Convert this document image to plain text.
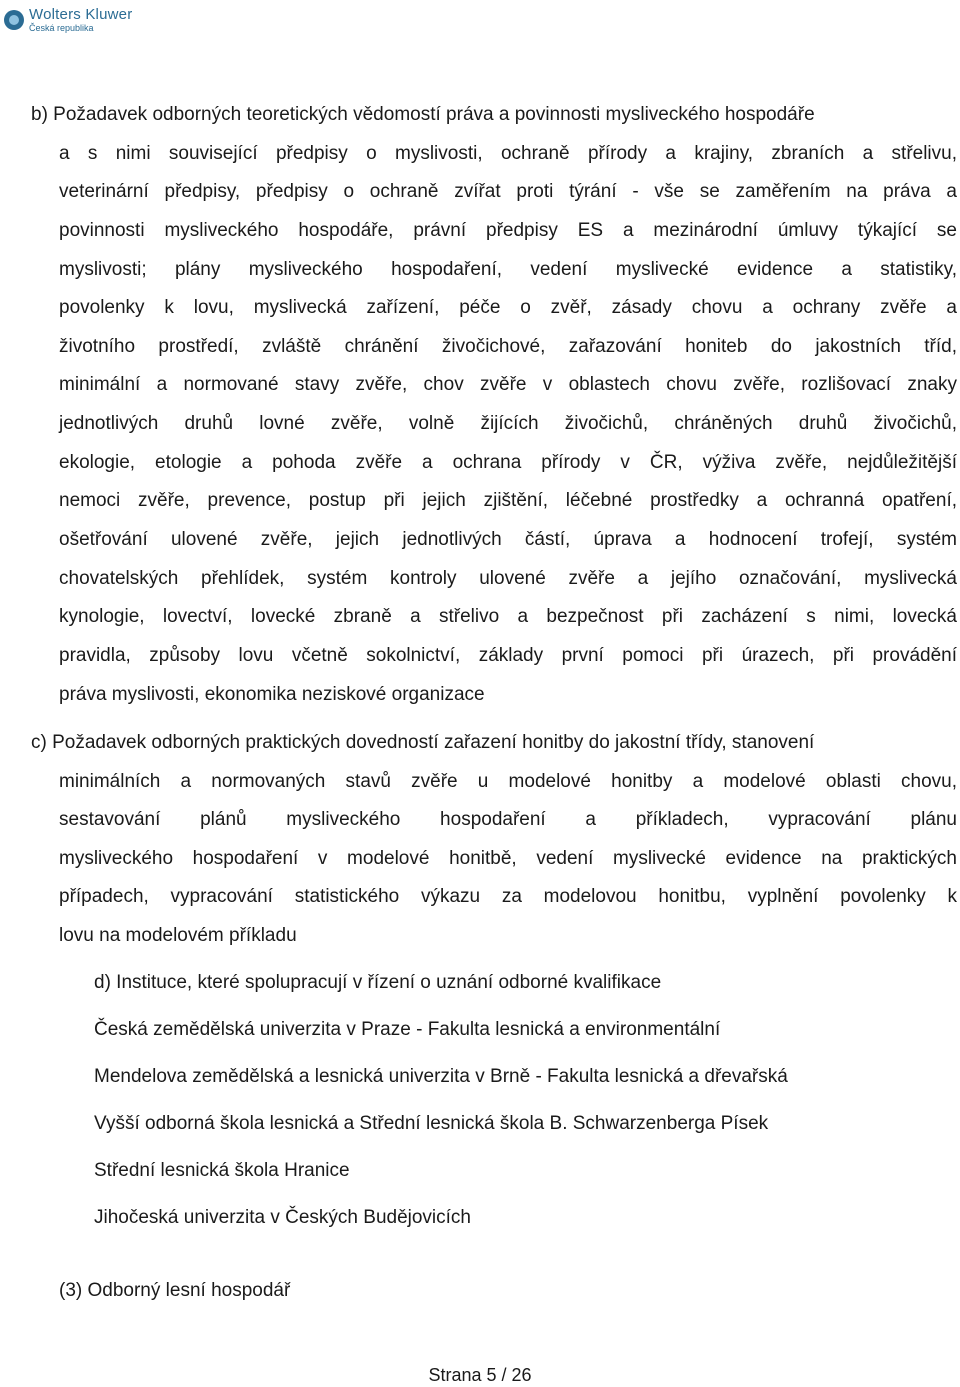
Wolters Kluwer
Česká republika
b) Požadavek odborných teoretických vědomostí práva a povinnosti mysliveckého hospodáře
a s nimi související předpisy o myslivosti, ochraně přírody a krajiny, zbraních a střelivu,
veterinární předpisy, předpisy o ochraně zvířat proti týrání - vše se zaměřením na práva a
povinnosti mysliveckého hospodáře, právní předpisy ES a mezinárodní úmluvy týkající se
myslivosti; plány mysliveckého hospodaření, vedení myslivecké evidence a statistiky,
povolenky k lovu, myslivecká zařízení, péče o zvěř, zásady chovu a ochrany zvěře a
životního prostředí, zvláště chránění živočichové, zařazování honiteb do jakostních tříd,
minimální a normované stavy zvěře, chov zvěře v oblastech chovu zvěře, rozlišovací znaky
jednotlivých druhů lovné zvěře, volně žijících živočichů, chráněných druhů živočichů,
ekologie, etologie a pohoda zvěře a ochrana přírody v ČR, výživa zvěře, nejdůležitější
nemoci zvěře, prevence, postup při jejich zjištění, léčebné prostředky a ochranná opatření,
ošetřování ulovené zvěře, jejich jednotlivých částí, úprava a hodnocení trofejí, systém
chovatelských přehlídek, systém kontroly ulovené zvěře a jejího označování, myslivecká
kynologie, lovectví, lovecké zbraně a střelivo a bezpečnost při zacházení s nimi, lovecká
pravidla, způsoby lovu včetně sokolnictví, základy první pomoci při úrazech, při provádění
práva myslivosti, ekonomika neziskové organizace
c) Požadavek odborných praktických dovedností zařazení honitby do jakostní třídy, stanovení
minimálních a normovaných stavů zvěře u modelové honitby a modelové oblasti chovu,
sestavování plánů mysliveckého hospodaření a příkladech, vypracování plánu
mysliveckého hospodaření v modelové honitbě, vedení myslivecké evidence na praktických
případech, vypracování statistického výkazu za modelovou honitbu, vyplnění povolenky k
lovu na modelovém příkladu
d) Instituce, které spolupracují v řízení o uznání odborné kvalifikace
Česká zemědělská univerzita v Praze - Fakulta lesnická a environmentální
Mendelova zemědělská a lesnická univerzita v Brně - Fakulta lesnická a dřevařská
Vyšší odborná škola lesnická a Střední lesnická škola B. Schwarzenberga Písek
Střední lesnická škola Hranice
Jihočeská univerzita v Českých Budějovicích
(3) Odborný lesní hospodář
Strana 5 / 26
